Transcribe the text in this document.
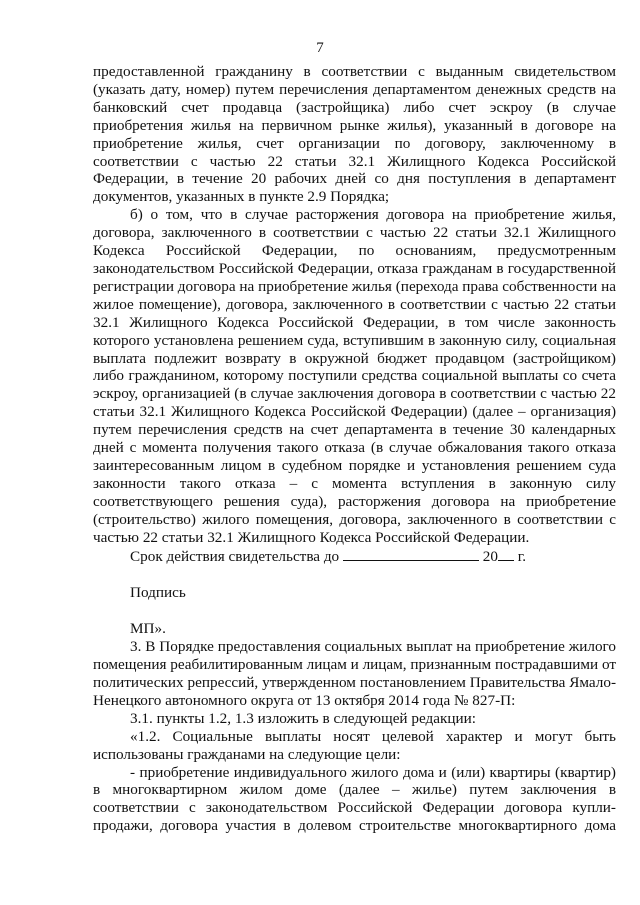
7

предоставленной гражданину в соответствии с выданным свидетельством (указать дату, номер) путем перечисления департаментом денежных средств на банковский счет продавца (застройщика) либо счет эскроу (в случае приобретения жилья на первичном рынке жилья), указанный в договоре на приобретение жилья, счет организации по договору, заключенному в соответствии с частью 22 статьи 32.1 Жилищного Кодекса Российской Федерации, в течение 20 рабочих дней со дня поступления в департамент документов, указанных в пункте 2.9 Порядка;

б) о том, что в случае расторжения договора на приобретение жилья, договора, заключенного в соответствии с частью 22 статьи 32.1 Жилищного Кодекса Российской Федерации, по основаниям, предусмотренным законодательством Российской Федерации, отказа гражданам в государственной регистрации договора на приобретение жилья (перехода права собственности на жилое помещение), договора, заключенного в соответствии с частью 22 статьи 32.1 Жилищного Кодекса Российской Федерации, в том числе законность которого установлена решением суда, вступившим в законную силу, социальная выплата подлежит возврату в окружной бюджет продавцом (застройщиком) либо гражданином, которому поступили средства социальной выплаты со счета эскроу, организацией (в случае заключения договора в соответствии с частью 22 статьи 32.1 Жилищного Кодекса Российской Федерации) (далее – организация) путем перечисления средств на счет департамента в течение 30 календарных дней с момента получения такого отказа (в случае обжалования такого отказа заинтересованным лицом в судебном порядке и установления решением суда законности такого отказа – с момента вступления в законную силу соответствующего решения суда), расторжения договора на приобретение (строительство) жилого помещения, договора, заключенного в соответствии с частью 22 статьи 32.1 Жилищного Кодекса Российской Федерации.

Срок действия свидетельства до	20 г.

Подпись

МП».

3. В Порядке предоставления социальных выплат на приобретение жилого помещения реабилитированным лицам и лицам, признанным пострадавшими от политических репрессий, утвержденном постановлением Правительства Ямало-Ненецкого автономного округа от 13 октября 2014 года № 827-П:

3.1. пункты 1.2, 1.3 изложить в следующей редакции:

«1.2. Социальные выплаты носят целевой характер и могут быть использованы гражданами на следующие цели:

- приобретение индивидуального жилого дома и (или) квартиры (квартир) в многоквартирном жилом доме (далее – жилье) путем заключения в соответствии с законодательством Российской Федерации договора купли-продажи, договора участия в долевом строительстве многоквартирного дома
